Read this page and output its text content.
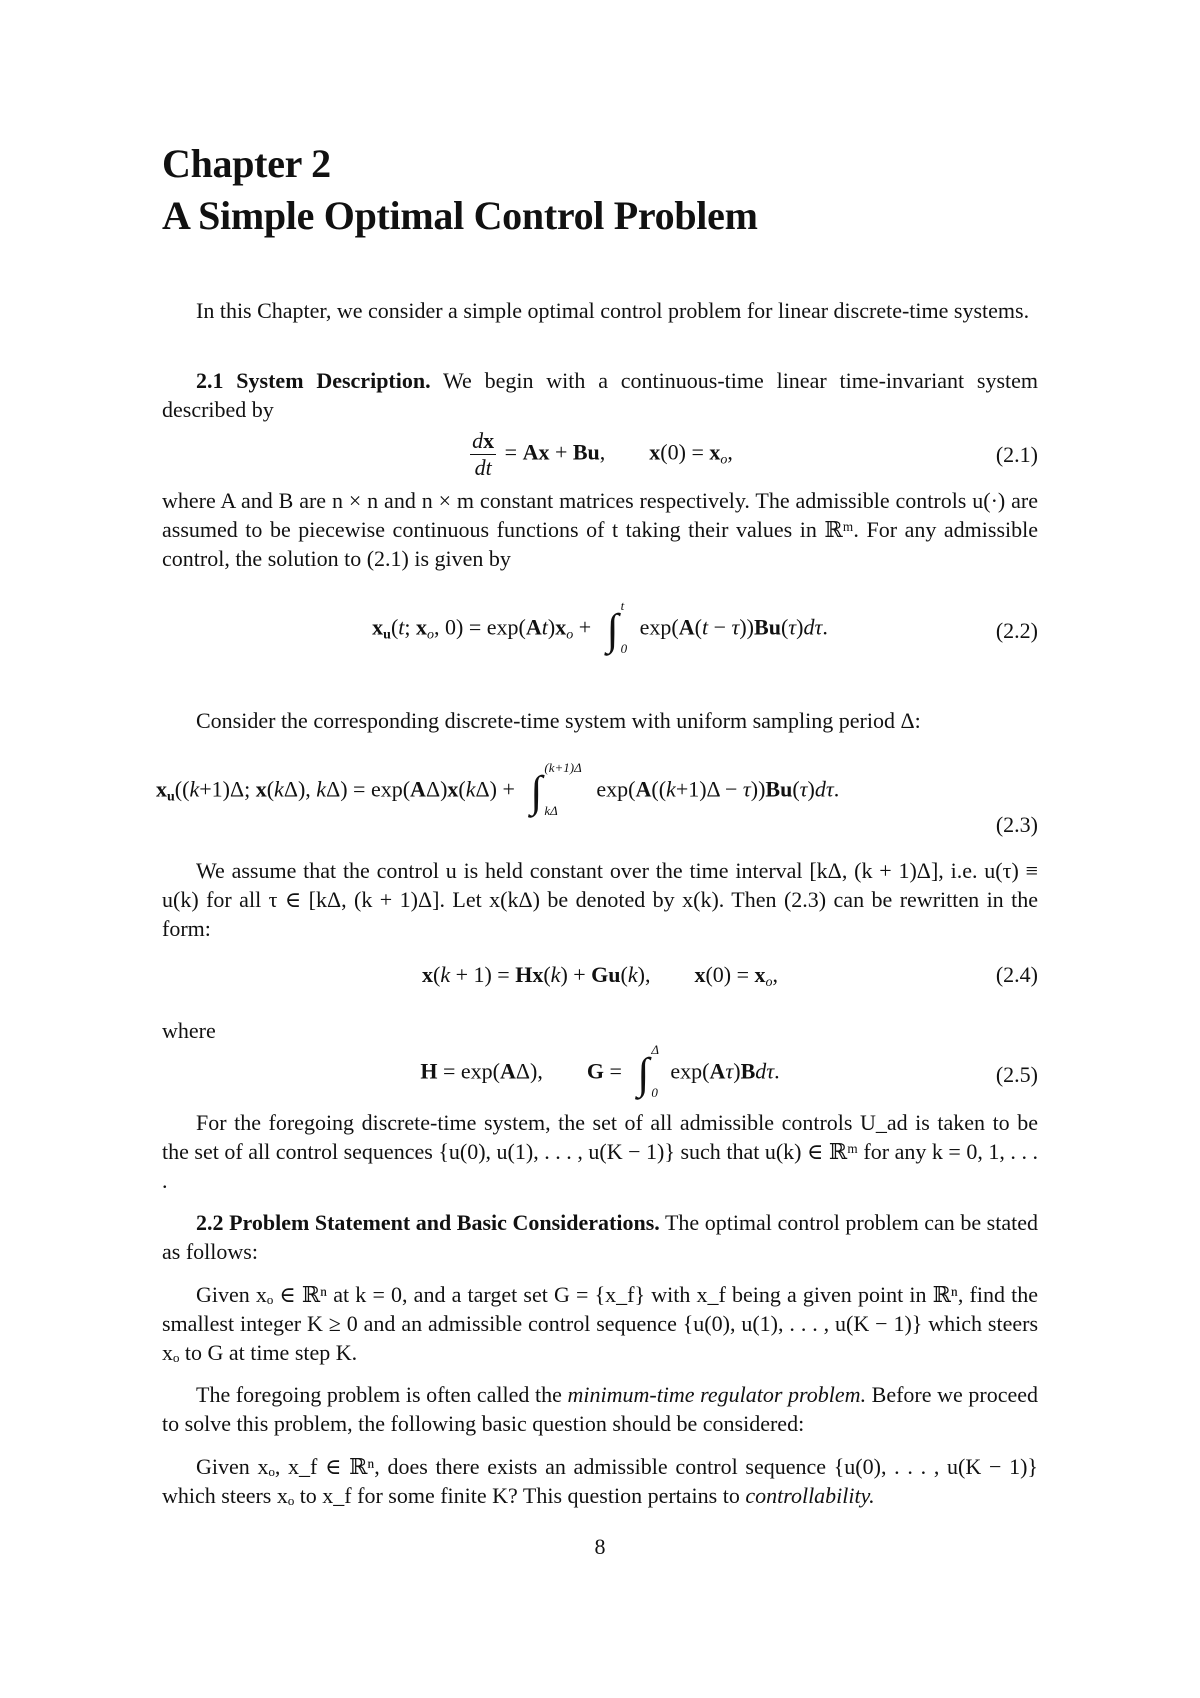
Chapter 2
A Simple Optimal Control Problem
In this Chapter, we consider a simple optimal control problem for linear discrete-time systems.
2.1 System Description. We begin with a continuous-time linear time-invariant system described by
$\frac{dx}{dt} = Ax + Bu$,        $x(0) = x_o$,	(2.1)
where A and B are n × n and n × m constant matrices respectively. The admissible controls u(·) are assumed to be piecewise continuous functions of t taking their values in ℝᵐ. For any admissible control, the solution to (2.1) is given by
$x_u(t$; $x_o$, $0) = \exp(At)x_o$ + ∫ t
0
exp(A(t − τ))Bu(τ)dτ.	(2.2)
Consider the corresponding discrete-time system with uniform sampling period Δ:
$x_u((k+1)\Delta$; x(kΔ), kΔ) = exp(AΔ)x(kΔ) + ∫ (k+1)Δ
kΔ
exp(A((k+1)Δ − τ))Bu(τ)dτ.
(2.3)
We assume that the control u is held constant over the time interval [kΔ, (k + 1)Δ], i.e. u(τ) ≡ u(k) for all τ ∈ [kΔ, (k + 1)Δ]. Let x(kΔ) be denoted by x(k). Then (2.3) can be rewritten in the form:
x(k + 1) = Hx(k) + Gu(k),        $x(0) = x_o$,	(2.4)
where
H = exp(AΔ),        G = ∫ Δ
0
exp(Aτ)Bdτ.	(2.5)
For the foregoing discrete-time system, the set of all admissible controls U_ad is taken to be the set of all control sequences {u(0), u(1), . . . , u(K − 1)} such that u(k) ∈ ℝᵐ for any k = 0, 1, . . . .
2.2 Problem Statement and Basic Considerations. The optimal control problem can be stated as follows:
Given xₒ ∈ ℝⁿ at k = 0, and a target set G = {x_f} with x_f being a given point in ℝⁿ, find the smallest integer K ≥ 0 and an admissible control sequence {u(0), u(1), . . . , u(K − 1)} which steers xₒ to G at time step K.
The foregoing problem is often called the minimum-time regulator problem. Before we proceed to solve this problem, the following basic question should be considered:
Given xₒ, x_f ∈ ℝⁿ, does there exists an admissible control sequence {u(0), . . . , u(K − 1)} which steers xₒ to x_f for some finite K? This question pertains to controllability.
8
